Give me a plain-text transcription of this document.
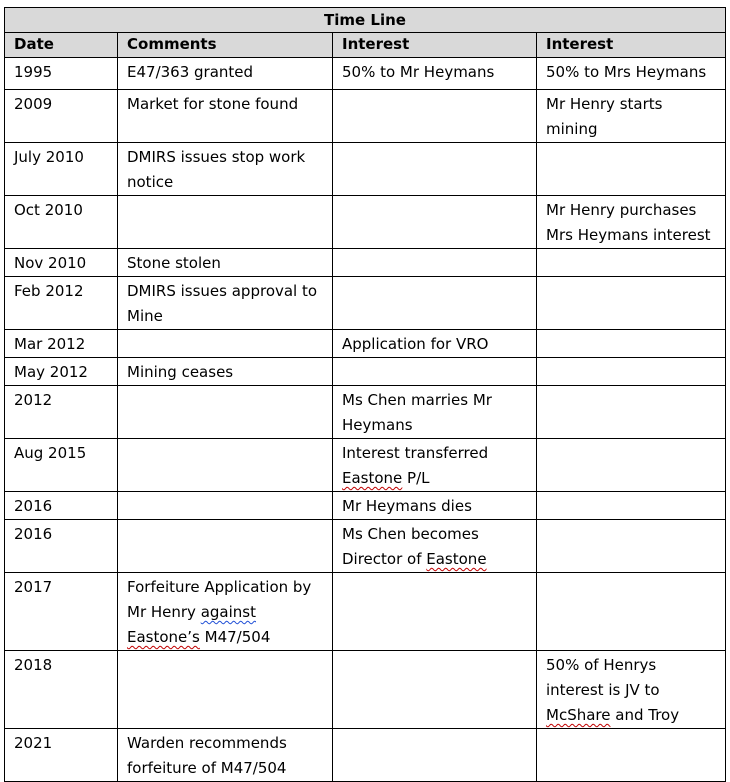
Time Line			
Date	Comments	Interest	Interest
1995	E47/363 granted	50% to Mr Heymans	50% to Mrs Heymans
2009	Market for stone found		Mr Henry starts mining
July 2010	DMIRS issues stop work notice		
Oct 2010			Mr Henry purchases Mrs Heymans interest
Nov 2010	Stone stolen		
Feb 2012	DMIRS issues approval to Mine		
Mar 2012		Application for VRO	
May 2012	Mining ceases		
2012		Ms Chen marries Mr Heymans	
Aug 2015		Interest transferred Eastone P/L	
2016		Mr Heymans dies	
2016		Ms Chen becomes Director of Eastone	
2017	Forfeiture Application by Mr Henry against Eastone’s M47/504		
2018			50% of Henrys interest is JV to McShare and Troy
2021	Warden recommends forfeiture of M47/504		
